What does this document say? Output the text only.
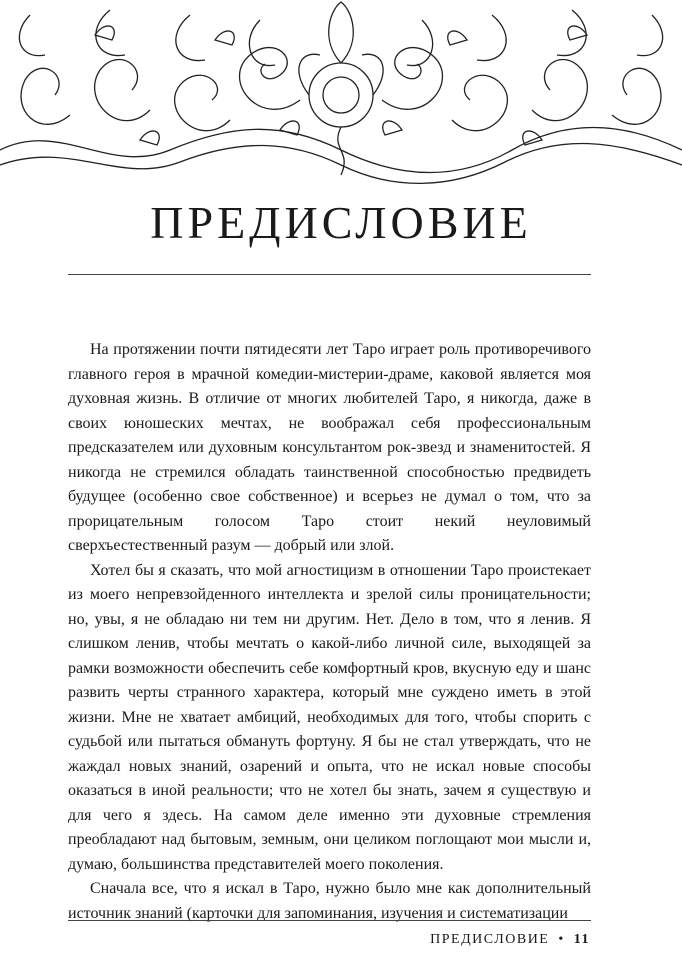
ПРЕДИСЛОВИЕ

На протяжении почти пятидесяти лет Таро играет роль противоречивого главного героя в мрачной комедии-мистерии-драме, каковой является моя духовная жизнь. В отличие от многих любителей Таро, я никогда, даже в своих юношеских мечтах, не воображал себя профессиональным предсказателем или духовным консультантом рок-звезд и знаменитостей. Я никогда не стремился обладать таинственной способностью предвидеть будущее (особенно свое собственное) и всерьез не думал о том, что за прорицательным голосом Таро стоит некий неуловимый сверхъестественный разум — добрый или злой.

Хотел бы я сказать, что мой агностицизм в отношении Таро проистекает из моего непревзойденного интеллекта и зрелой силы проницательности; но, увы, я не обладаю ни тем ни другим. Нет. Дело в том, что я ленив. Я слишком ленив, чтобы мечтать о какой-либо личной силе, выходящей за рамки возможности обеспечить себе комфортный кров, вкусную еду и шанс развить черты странного характера, который мне суждено иметь в этой жизни. Мне не хватает амбиций, необходимых для того, чтобы спорить с судьбой или пытаться обмануть фортуну. Я бы не стал утверждать, что не жаждал новых знаний, озарений и опыта, что не искал новые способы оказаться в иной реальности; что не хотел бы знать, зачем я существую и для чего я здесь. На самом деле именно эти духовные стремления преобладают над бытовым, земным, они целиком поглощают мои мысли и, думаю, большинства представителей моего поколения.

Сначала все, что я искал в Таро, нужно было мне как дополнительный источник знаний (карточки для запоминания, изучения и систематизации

ПРЕДИСЛОВИЕ • 11
